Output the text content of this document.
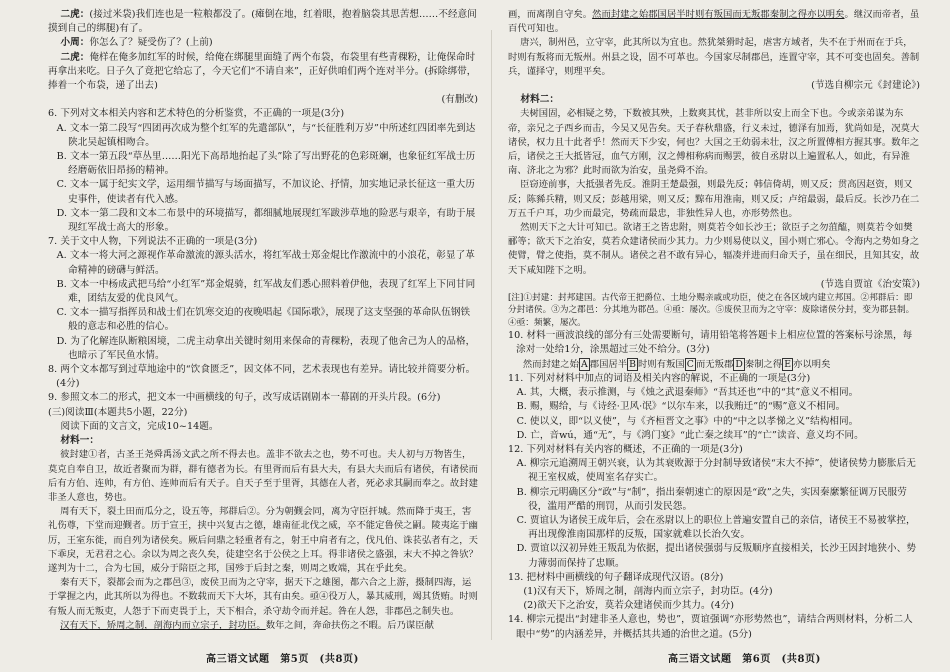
二虎：(接过米袋)我们连也是一粒粮都没了。(瘫倒在地，红着眼，抱着脑袋其思苦想……不经意间摸到自己的绑腿)有了。

小周：你怎么了？疑受伤了？(上前)

二虎：俺样在俺多加红军的时候，给俺在绑腿里面缝了两个布袋，布袋里有些青稞粉，让俺保命时再拿出来吃。日子久了竟把它给忘了，今天它们“不请自来”，正好供咱们两个连对半分。(拆除绑带，捧着一个布袋，递了出去)

(有删改)

6. 下列对文本相关内容和艺术特色的分析鉴赏，不正确的一项是(3分)

A. 文本一第二段写“四团再次成为整个红军的先遣部队”，与“长征胜利万岁”中所述红四团率先到达陕北吴起镇相吻合。

B. 文本一第五段“草丛里……阳光下高昂地抬起了头”除了写出野花的色彩斑斓，也象征红军战士历经磨砺依旧昂扬的精神。

C. 文本一属于纪实文学，运用细节描写与场面描写，不加议论、抒情，加实地记录长征这一重大历史事件，使读者有代入感。

D. 文本一第二段和文本二布景中的环境描写，都细腻地展现红军跋涉草地的险恶与艰辛，有助于展现红军战士高大的形象。

7. 关于文中人物，下列说法不正确的一项是(3分)

A. 文本一将大河之源视作革命激流的源头活水，将红军战士郑金焜比作激流中的小浪花，彰显了革命精神的磅礴与鲜活。

B. 文本一中杨成武把马给“小红军”郑金焜骑，红军战友们悉心照料着伊他，表现了红军上下同甘同难，团结友爱的优良风气。

C. 文本一描写指挥员和战士们在饥寒交迫的夜晚唱起《国际歌》，展现了这支坚强的革命队伍钢铁般的意志和必胜的信心。

D. 为了化解连队断粮困境，二虎主动拿出关键时刻用来保命的青稞粉，表现了他舍己为人的品格，也暗示了军民鱼水情。

8. 两个文本都写到过草地途中的“饮食匮乏”，因文体不同，艺术表现也有差异。请比较并简要分析。(4分)

9. 参照文本二的形式，把文本一中画横线的句子，改写成话剧剧本一幕剧的开头片段。(6分)

(三)阅读Ⅲ(本题共5小题，22分)

阅读下面的文言文，完成10~14题。

材料一：

彼封建①者，古圣王尧舜禹汤文武之所不得去也。盖非不欲去之也，势不可也。夫人初与万物皆生，莫克自奉自卫，故近者聚而为群，群有德者为长。有里胥而后有县大夫，有县大夫而后有诸侯，有诸侯而后有方伯、连帅，有方伯、连帅而后有天子。自天子至于里胥，其德在人者，死必求其嗣而奉之。故封建非圣人意也，势也。

周有天下，裂土田而瓜分之，设五等，邦群后②。分为朝觐会同，离为守臣扞城。然而降于夷王，害礼伤尊，下堂而迎觐者。历于宣王，挟中兴复古之德，雄南征北伐之威，卒不能定鲁侯之嗣。陵夷迄于幽厉，王室东徙，而自列为诸侯矣。厥后问鼎之轻重者有之，射王中肩者有之，伐凡伯、诛苌弘者有之，天下乖戾，无君君之心。余以为周之丧久矣，徒建空名于公侯之上耳。得非诸侯之盛强，末大不掉之咎欤？遂判为十二，合为七国，威分于陪臣之邦，国殄于后封之秦，则周之败端，其在乎此矣。

秦有天下，裂都会而为之郡邑③，废侯卫而为之守宰，据天下之雄图，都六合之上游，摄制四海，运于掌握之内，此其所以为得也。不数载而天下大坏，其有由矣。亟④役万人，暴其威刑，竭其货贿。时则有叛人而无叛吏，人怨于下而吏畏于上，天下相合，杀守劫令而并起。咎在人怨，非郡邑之制失也。

汉有天下，矫周之制，剖海内而立宗子，封功臣。数年之间，奔命扶伤之不暇。后乃谋臣献

画，而离削自守矣。然而封建之始郡国居半时则有叛国而无叛郡秦制之得亦以明矣。继汉而帝者，虽百代可知也。

唐兴，制州邑，立守宰，此其所以为宜也。然犹桀猾时起，虐害方域者，失不在于州而在于兵，时则有叛将而无叛州。州县之设，固不可革也。今国家尽制郡邑，连置守宰，其不可变也固矣。善制兵，谨择守，则理平矣。

(节选自柳宗元《封建论》)

材料二：

夫树国固，必相疑之势，下数被其殃，上数爽其忧，甚非所以安上而全下也。今或亲弟谋为东帝，亲兄之子西乡而击，今吴又见告矣。天子春秋鼎盛，行义未过，德泽有加焉，犹尚如是，况莫大诸侯，权力且十此者乎！然而天下少安，何也？大国之王幼弱未壮，汉之所置傅相方握其事。数年之后，诸侯之王大抵皆冠，血气方刚，汉之傅相称病而赐罢，彼自丞尉以上遍置私人，如此，有异淮南、济北之为邪？此时而欲为治安，虽尧舜不治。

臣窃迹前事，大抵强者先反。淮阴王楚最强，则最先反；韩信倚胡，则又反；贯高因赵资，则又反；陈豨兵精，则又反；彭越用梁，则又反；黥布用淮南，则又反；卢绾最弱，最后反。长沙乃在二万五千户耳，功少而最完，势疏而最忠，非独性异人也，亦形势然也。

然则天下之大计可知已。欲诸王之皆忠附，则莫若令如长沙王；欲臣子之勿菹醢，则莫若令如樊郦等；欲天下之治安，莫若众建诸侯而少其力。力少则易使以义，国小则亡邪心。令海内之势如身之使臂，臂之使指，莫不制从。诸侯之君不敢有异心，辐凑并进而归命天子，虽在细民，且知其安，故天下咸知陛下之明。

(节选自贾谊《治安策》)

[注]①封建：封邦建国。古代帝王把爵位、土地分赐亲戚或功臣，使之在各区域内建立邦国。②邦群后：即分封诸侯。③为之郡邑：分其地为郡邑。④亟：屡次。⑤废侯卫而为之守宰：废除诸侯分封，变为郡县制。④亟：频繁，屡次。

10. 材料一画波浪线的部分有三处需要断句，请用铅笔将答题卡上相应位置的答案标号涂黑，每涂对一处给1分，涂黑超过三处不给分。(3分)

然而封建之始 A 郡国居半 B 时则有叛国 C 而无叛郡 D 秦制之得 E 亦以明矣

11. 下列对材料中加点的词语及相关内容的解说，不正确的一项是(3分)

A. 其，大概，表示推测，与《烛之武退秦师》“吾其还也”中的“其”意义不相同。

B. 赐，赐给，与《诗经·卫风·氓》“以尔车来，以我贿迁”的“赐”意义不相同。

C. 使以义，即“以义使”，与《齐桓晋文之事》中的“中之以孝悌之义”结构相同。

D. 亡，音wú，通“无”，与《鸿门宴》“此亡秦之续耳”的“亡”读音、意义均不同。

12. 下列对材料有关内容的概述，不正确的一项是(3分)

A. 柳宗元追溯周王朝兴衰，认为其衰败源于分封制导致诸侯“末大不掉”，使诸侯势力膨胀后无视王室权威，使周室名存实亡。

B. 柳宗元明确区分“政”与“制”，指出秦朝速亡的原因是“政”之失，实因秦縻繁征调万民服劳役，滥用严酷的刑罚，从而引发民怨。

C. 贾谊认为诸侯王成年后，会在丞尉以上的职位上普遍安置自己的亲信，诸侯王不易被掌控，再出现像淮南国那样的反叛，国家就难以长治久安。

D. 贾谊以汉初异姓王叛乱为依据，提出诸侯强弱与反叛顺序直接相关，长沙王因封地狭小、势力薄弱而保持了忠顺。

13. 把材料中画横线的句子翻译成现代汉语。(8分)

(1)汉有天下，矫周之制，剖海内而立宗子，封功臣。(4分)

(2)欲天下之治安，莫若众建诸侯而少其力。(4分)

14. 柳宗元提出“封建非圣人意也，势也”，贾谊强调“亦形势然也”，请结合两则材料，分析二人眼中“势”的内涵差异，并概括其共通的治世之道。(5分)

高三语文试题　第5页　(共8页)	高三语文试题　第6页　(共8页)
